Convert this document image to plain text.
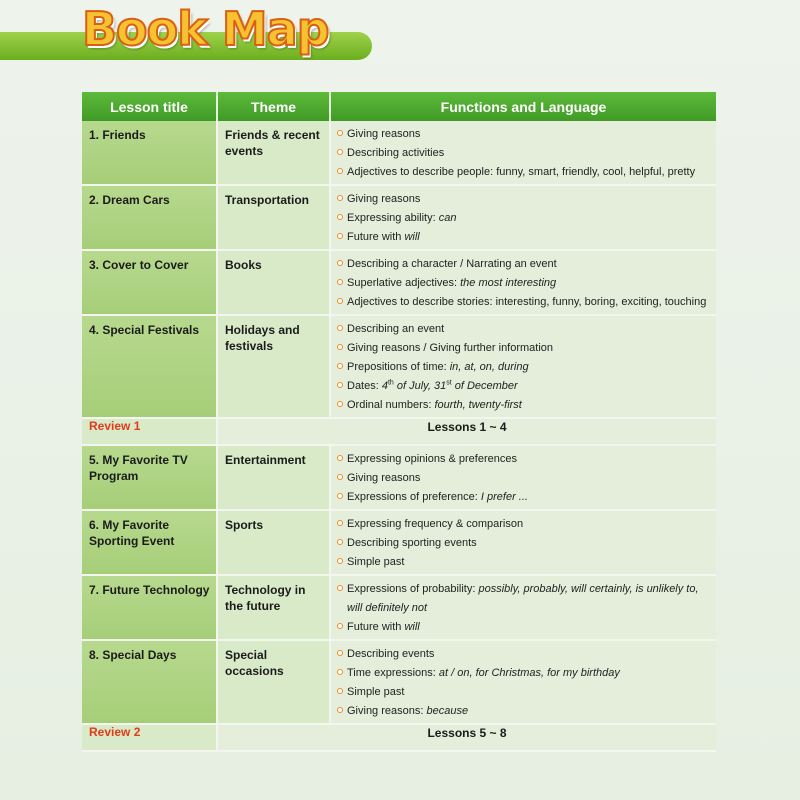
Book Map
Lesson title	Theme	Functions and Language
1. Friends	Friends & recent events	Giving reasons
Describing activities
Adjectives to describe people: funny, smart, friendly, cool, helpful, pretty

2. Dream Cars	Transportation	Giving reasons
Expressing ability: can
Future with will

3. Cover to Cover	Books	Describing a character / Narrating an event
Superlative adjectives: the most interesting
Adjectives to describe stories: interesting, funny, boring, exciting, touching

4. Special Festivals	Holidays and festivals	Describing an event
Giving reasons / Giving further information
Prepositions of time: in, at, on, during
Dates: 4th of July, 31st of December
Ordinal numbers: fourth, twenty-first

Review 1	Lessons 1 ~ 4	
5. My Favorite TV Program	Entertainment	Expressing opinions & preferences
Giving reasons
Expressions of preference: I prefer ...

6. My Favorite Sporting Event	Sports	Expressing frequency & comparison
Describing sporting events
Simple past

7. Future Technology	Technology in the future	Expressions of probability: possibly, probably, will certainly, is unlikely to, will definitely not
Future with will

8. Special Days	Special occasions	Describing events
Time expressions: at / on, for Christmas, for my birthday
Simple past
Giving reasons: because

Review 2	Lessons 5 ~ 8	
